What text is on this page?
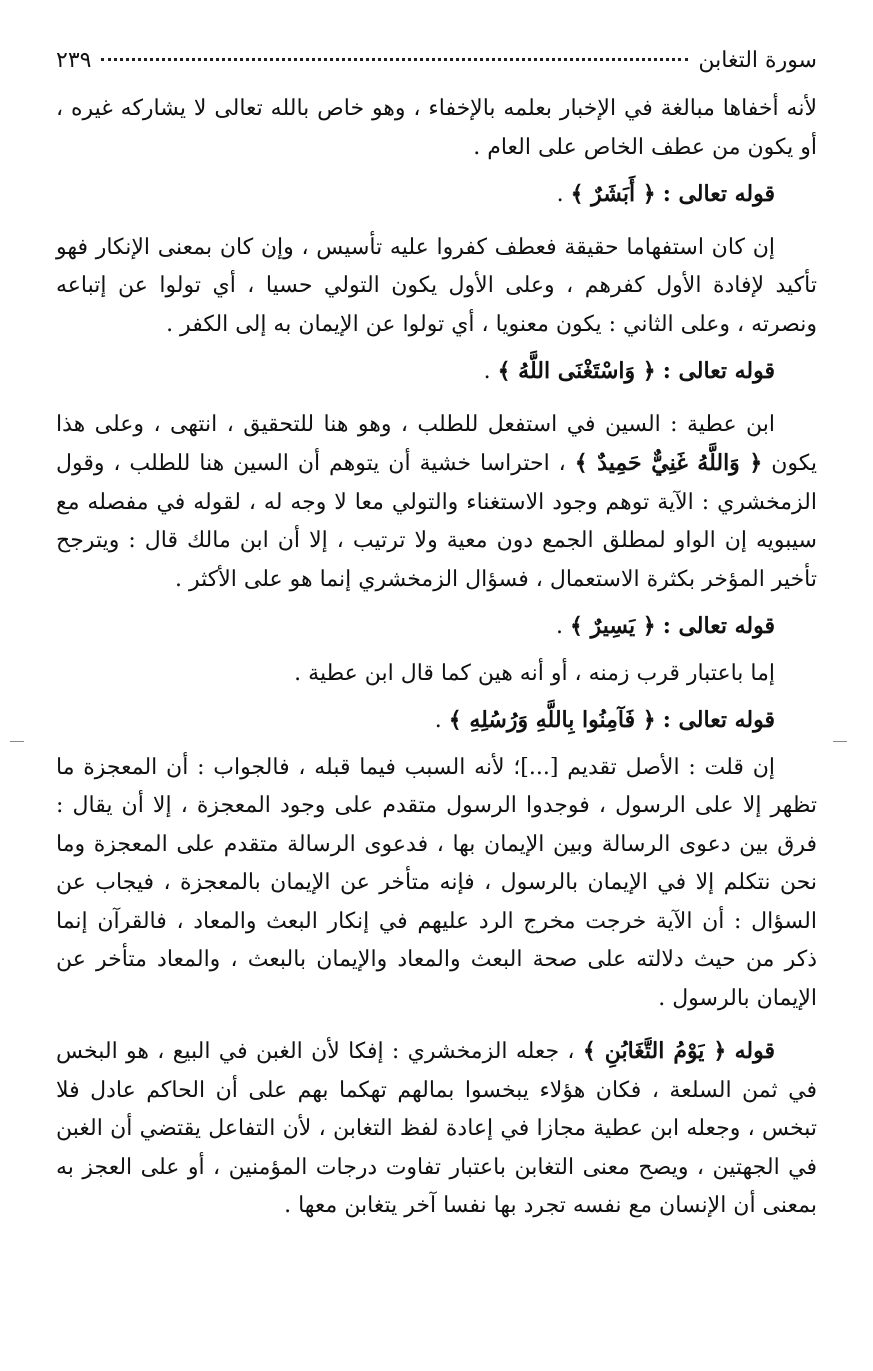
سورة التغابن
٢٣٩

لأنه أخفاها مبالغة في الإخبار بعلمه بالإخفاء ، وهو خاص بالله تعالى لا يشاركه غيره ، أو يكون من عطف الخاص على العام .

قوله تعالى : ﴿ أَبَشَرٌ ﴾ .

إن كان استفهاما حقيقة فعطف كفروا عليه تأسيس ، وإن كان بمعنى الإنكار فهو تأكيد لإفادة الأول كفرهم ، وعلى الأول يكون التولي حسيا ، أي تولوا عن إتباعه ونصرته ، وعلى الثاني : يكون معنويا ، أي تولوا عن الإيمان به إلى الكفر .

قوله تعالى : ﴿ وَاسْتَغْنَى اللَّهُ ﴾ .

ابن عطية : السين في استفعل للطلب ، وهو هنا للتحقيق ، انتهى ، وعلى هذا يكون ﴿ وَاللَّهُ غَنِيٌّ حَمِيدٌ ﴾ ، احتراسا خشية أن يتوهم أن السين هنا للطلب ، وقول الزمخشري : الآية توهم وجود الاستغناء والتولي معا لا وجه له ، لقوله في مفصله مع سيبويه إن الواو لمطلق الجمع دون معية ولا ترتيب ، إلا أن ابن مالك قال : ويترجح تأخير المؤخر بكثرة الاستعمال ، فسؤال الزمخشري إنما هو على الأكثر .

قوله تعالى : ﴿ يَسِيرٌ ﴾ .

إما باعتبار قرب زمنه ، أو أنه هين كما قال ابن عطية .

قوله تعالى : ﴿ فَآمِنُوا بِاللَّهِ وَرُسُلِهِ ﴾ .

إن قلت : الأصل تقديم [...]؛ لأنه السبب فيما قبله ، فالجواب : أن المعجزة ما تظهر إلا على الرسول ، فوجدوا الرسول متقدم على وجود المعجزة ، إلا أن يقال : فرق بين دعوى الرسالة وبين الإيمان بها ، فدعوى الرسالة متقدم على المعجزة وما نحن نتكلم إلا في الإيمان بالرسول ، فإنه متأخر عن الإيمان بالمعجزة ، فيجاب عن السؤال : أن الآية خرجت مخرج الرد عليهم في إنكار البعث والمعاد ، فالقرآن إنما ذكر من حيث دلالته على صحة البعث والمعاد والإيمان بالبعث ، والمعاد متأخر عن الإيمان بالرسول .

قوله ﴿ يَوْمُ التَّغَابُنِ ﴾ ، جعله الزمخشري : إفكا لأن الغبن في البيع ، هو البخس في ثمن السلعة ، فكان هؤلاء يبخسوا بمالهم تهكما بهم على أن الحاكم عادل فلا تبخس ، وجعله ابن عطية مجازا في إعادة لفظ التغابن ، لأن التفاعل يقتضي أن الغبن في الجهتين ، ويصح معنى التغابن باعتبار تفاوت درجات المؤمنين ، أو على العجز به بمعنى أن الإنسان مع نفسه تجرد بها نفسا آخر يتغابن معها .
